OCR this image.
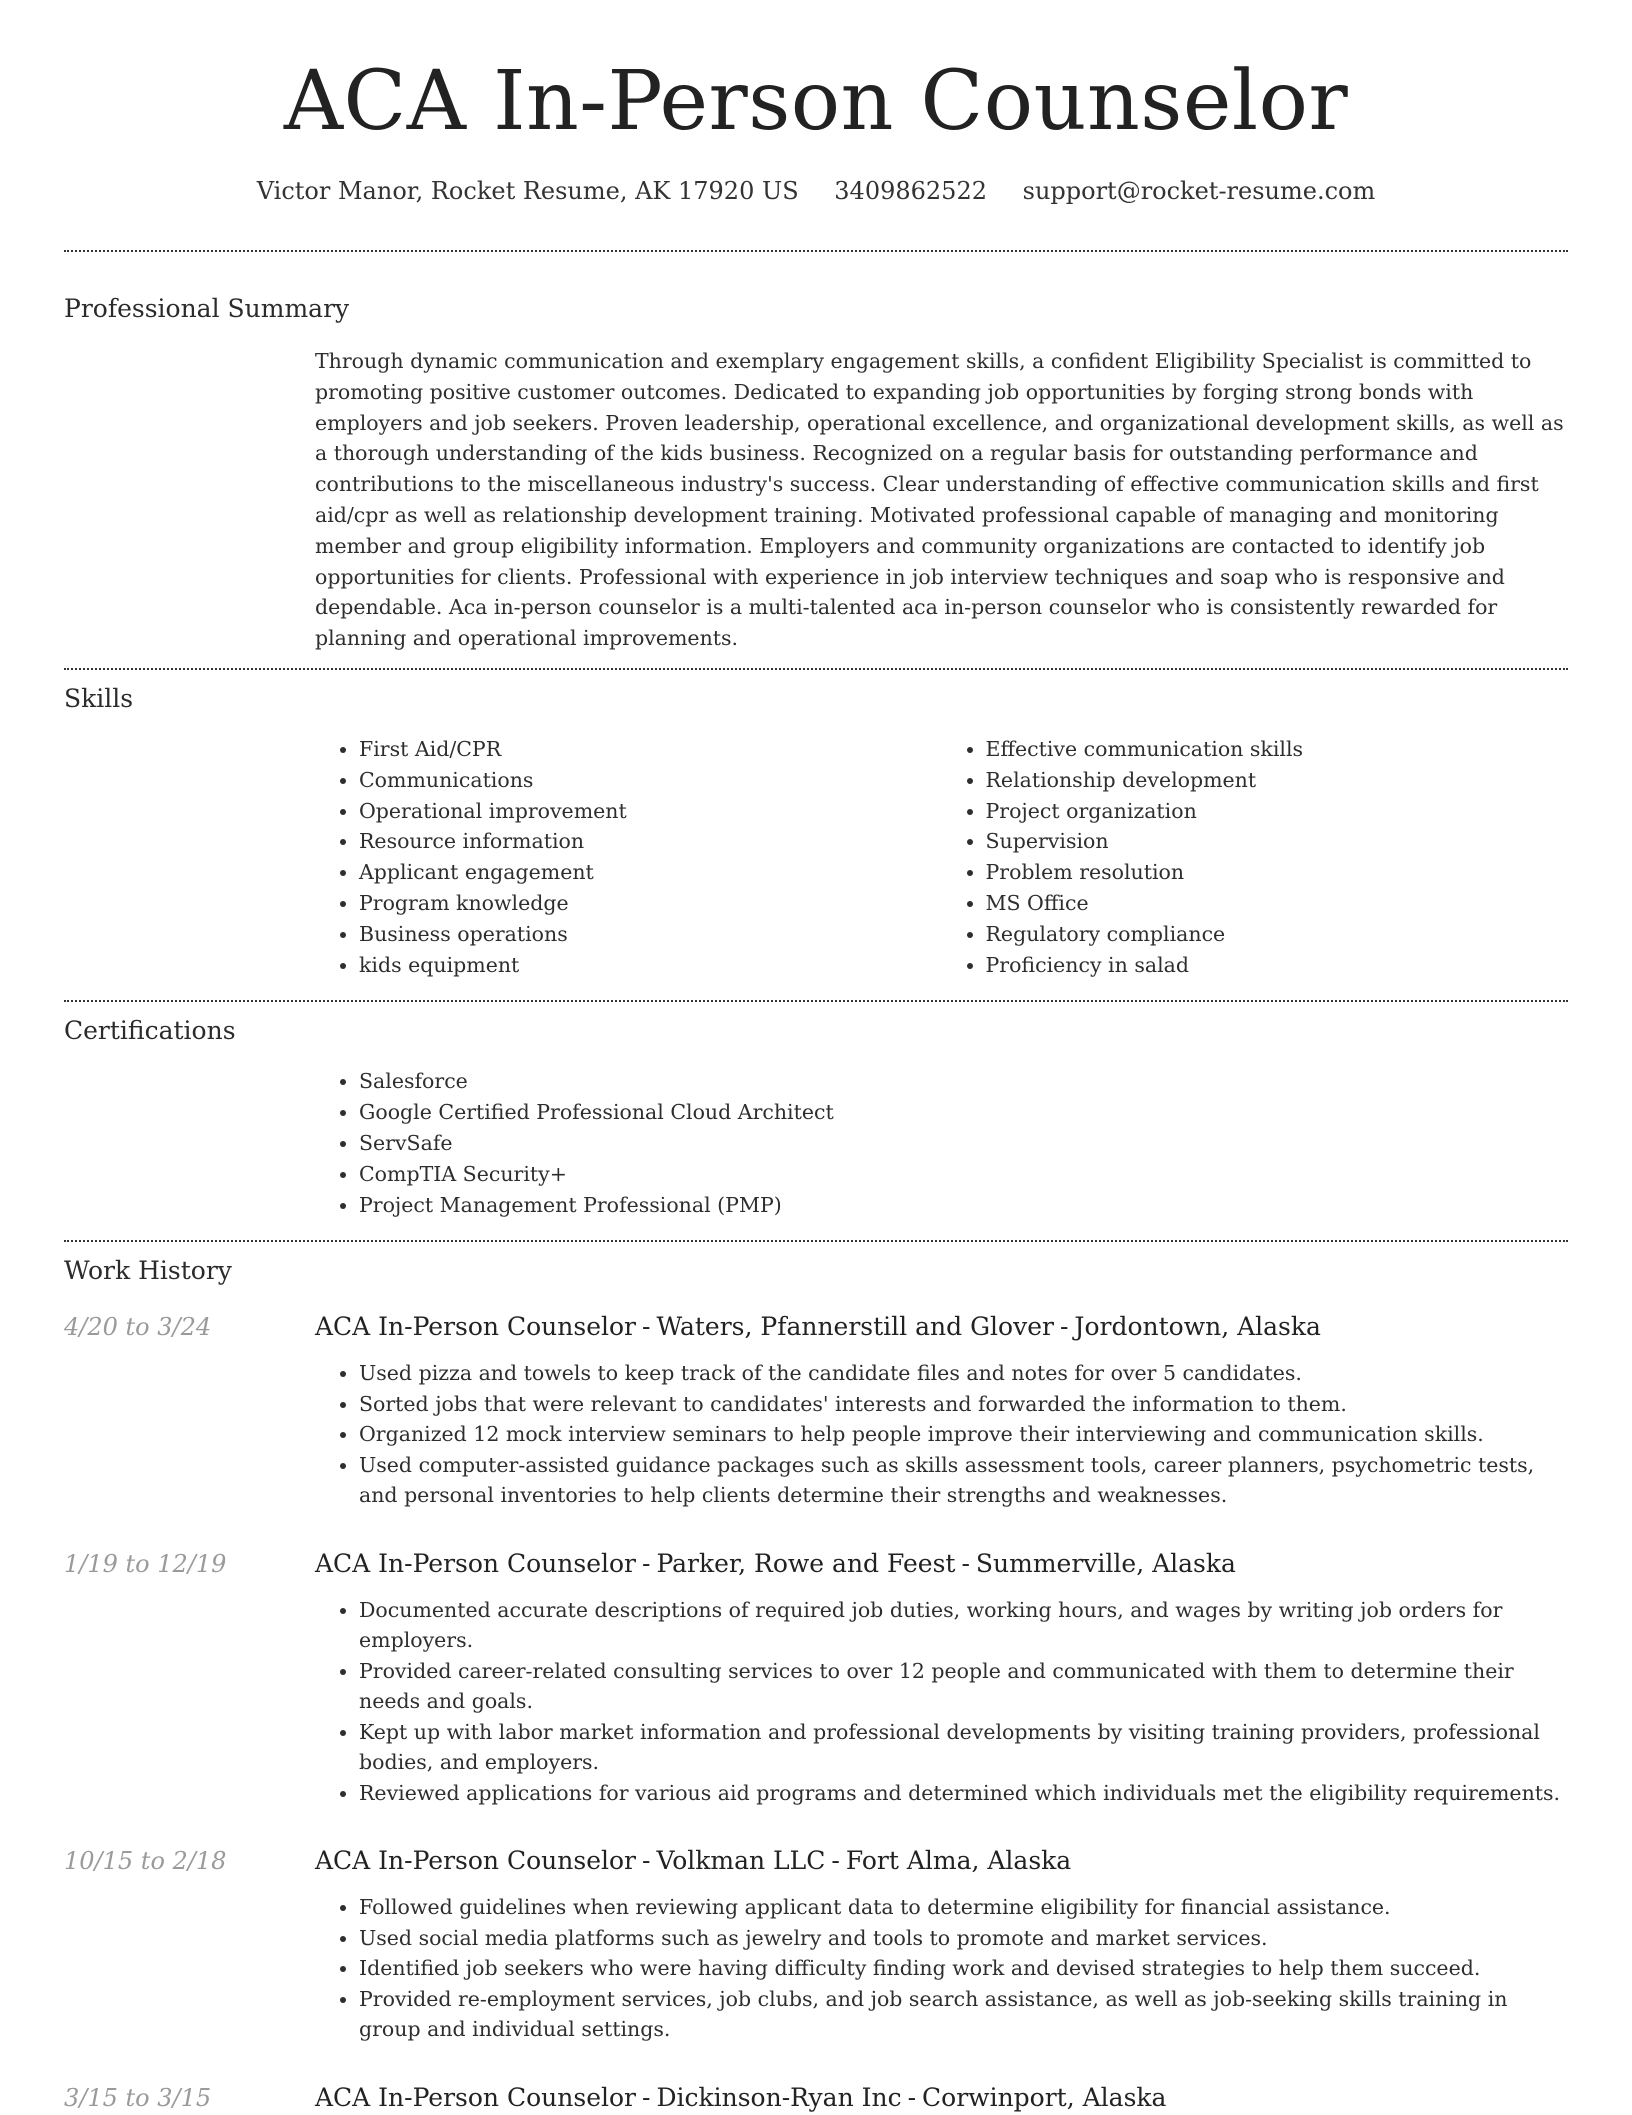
ACA In-Person Counselor
Victor Manor, Rocket Resume, AK 17920 US 3409862522 support@rocket-resume.com
Professional Summary

Through dynamic communication and exemplary engagement skills, a confident Eligibility Specialist is committed to promoting positive customer outcomes. Dedicated to expanding job opportunities by forging strong bonds with employers and job seekers. Proven leadership, operational excellence, and organizational development skills, as well as a thorough understanding of the kids business. Recognized on a regular basis for outstanding performance and contributions to the miscellaneous industry's success. Clear understanding of effective communication skills and first aid/cpr as well as relationship development training. Motivated professional capable of managing and monitoring member and group eligibility information. Employers and community organizations are contacted to identify job opportunities for clients. Professional with experience in job interview techniques and soap who is responsive and dependable. Aca in-person counselor is a multi-talented aca in-person counselor who is consistently rewarded for planning and operational improvements.

Skills
• First Aid/CPR
• Communications
• Operational improvement
• Resource information
• Applicant engagement
• Program knowledge
• Business operations
• kids equipment
• Effective communication skills
• Relationship development
• Project organization
• Supervision
• Problem resolution
• MS Office
• Regulatory compliance
• Proficiency in salad
Certifications
• Salesforce
• Google Certified Professional Cloud Architect
• ServSafe
• CompTIA Security+
• Project Management Professional (PMP)
Work History
4/20 to 3/24	ACA In-Person Counselor - Waters, Pfannerstill and Glover - Jordontown, Alaska

• Used pizza and towels to keep track of the candidate files and notes for over 5 candidates.
• Sorted jobs that were relevant to candidates' interests and forwarded the information to them.
• Organized 12 mock interview seminars to help people improve their interviewing and communication skills.
• Used computer-assisted guidance packages such as skills assessment tools, career planners, psychometric tests, and personal inventories to help clients determine their strengths and weaknesses.
1/19 to 12/19	ACA In-Person Counselor - Parker, Rowe and Feest - Summerville, Alaska

• Documented accurate descriptions of required job duties, working hours, and wages by writing job orders for employers.
• Provided career-related consulting services to over 12 people and communicated with them to determine their needs and goals.
• Kept up with labor market information and professional developments by visiting training providers, professional bodies, and employers.
• Reviewed applications for various aid programs and determined which individuals met the eligibility requirements.
10/15 to 2/18	ACA In-Person Counselor - Volkman LLC - Fort Alma, Alaska

• Followed guidelines when reviewing applicant data to determine eligibility for financial assistance.
• Used social media platforms such as jewelry and tools to promote and market services.
• Identified job seekers who were having difficulty finding work and devised strategies to help them succeed.
• Provided re-employment services, job clubs, and job search assistance, as well as job-seeking skills training in group and individual settings.
3/15 to 3/15	ACA In-Person Counselor - Dickinson-Ryan Inc - Corwinport, Alaska
